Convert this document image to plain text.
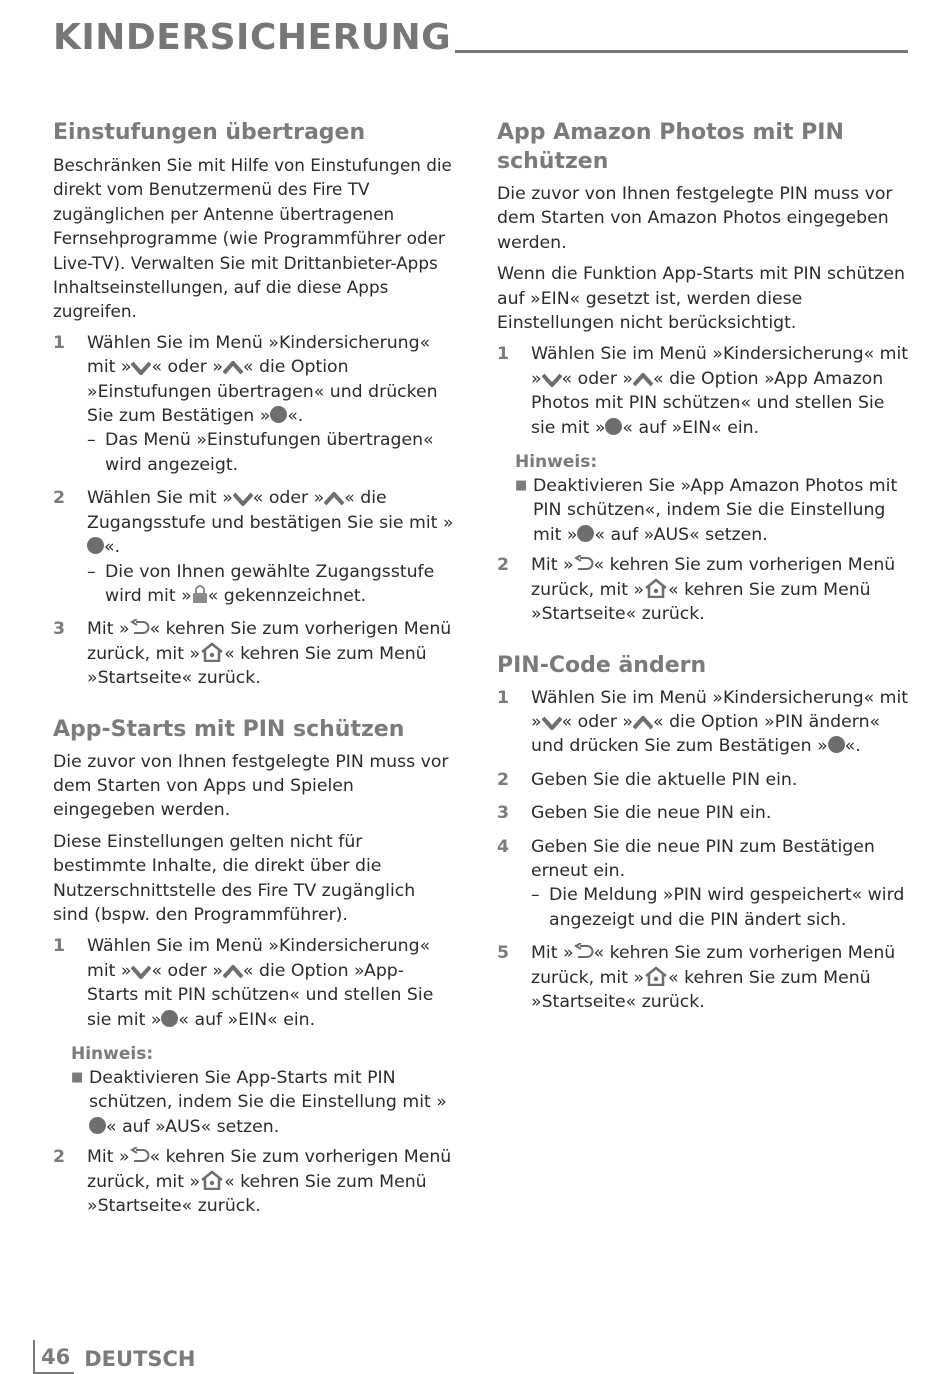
KINDERSICHERUNG
Einstufungen übertragen

Beschränken Sie mit Hilfe von Einstufungen die direkt vom Benutzermenü des Fire TV zugänglichen per Antenne übertragenen Fernsehprogramme (wie Programmführer oder Live-TV). Verwalten Sie mit Drittanbieter-Apps Inhaltseinstellungen, auf die diese Apps zugreifen.

1	Wählen Sie im Menü »Kindersicherung« mit » « oder » « die Option »Einstufungen übertragen« und drücken Sie zum Bestätigen » «.
– Das Menü »Einstufungen übertragen« wird angezeigt.
2	Wählen Sie mit » « oder » « die Zugangsstufe und bestätigen Sie sie mit »«.
– Die von Ihnen gewählte Zugangsstufe wird mit » « gekennzeichnet.
3	Mit » « kehren Sie zum vorherigen Menü zurück, mit » « kehren Sie zum Menü »Startseite« zurück.
App-Starts mit PIN schützen

Die zuvor von Ihnen festgelegte PIN muss vor dem Starten von Apps und Spielen eingegeben werden.

Diese Einstellungen gelten nicht für bestimmte Inhalte, die direkt über die Nutzerschnittstelle des Fire TV zugänglich sind (bspw. den Programmführer).

1	Wählen Sie im Menü »Kindersicherung« mit » « oder » « die Option »App-Starts mit PIN schützen« und stellen Sie sie mit » « auf »EIN« ein.
Hinweis:
■ Deaktivieren Sie App-Starts mit PIN schützen, indem Sie die Einstellung mit »« auf »AUS« setzen.
2	Mit » « kehren Sie zum vorherigen Menü zurück, mit » « kehren Sie zum Menü »Startseite« zurück.
App Amazon Photos mit PIN schützen

Die zuvor von Ihnen festgelegte PIN muss vor dem Starten von Amazon Photos eingegeben werden.

Wenn die Funktion App-Starts mit PIN schützen auf »EIN« gesetzt ist, werden diese Einstellungen nicht berücksichtigt.

1	Wählen Sie im Menü »Kindersicherung« mit » « oder » « die Option »App Amazon Photos mit PIN schützen« und stellen Sie sie mit » « auf »EIN« ein.
Hinweis:
■ Deaktivieren Sie »App Amazon Photos mit PIN schützen«, indem Sie die Einstellung mit » « auf »AUS« setzen.
2	Mit » « kehren Sie zum vorherigen Menü zurück, mit » « kehren Sie zum Menü »Startseite« zurück.
PIN-Code ändern
1	Wählen Sie im Menü »Kindersicherung« mit » « oder » « die Option »PIN ändern« und drücken Sie zum Bestätigen » «.
2	Geben Sie die aktuelle PIN ein.
3	Geben Sie die neue PIN ein.
4	Geben Sie die neue PIN zum Bestätigen erneut ein.
– Die Meldung »PIN wird gespeichert« wird angezeigt und die PIN ändert sich.
5	Mit » « kehren Sie zum vorherigen Menü zurück, mit » « kehren Sie zum Menü »Startseite« zurück.
46 DEUTSCH
